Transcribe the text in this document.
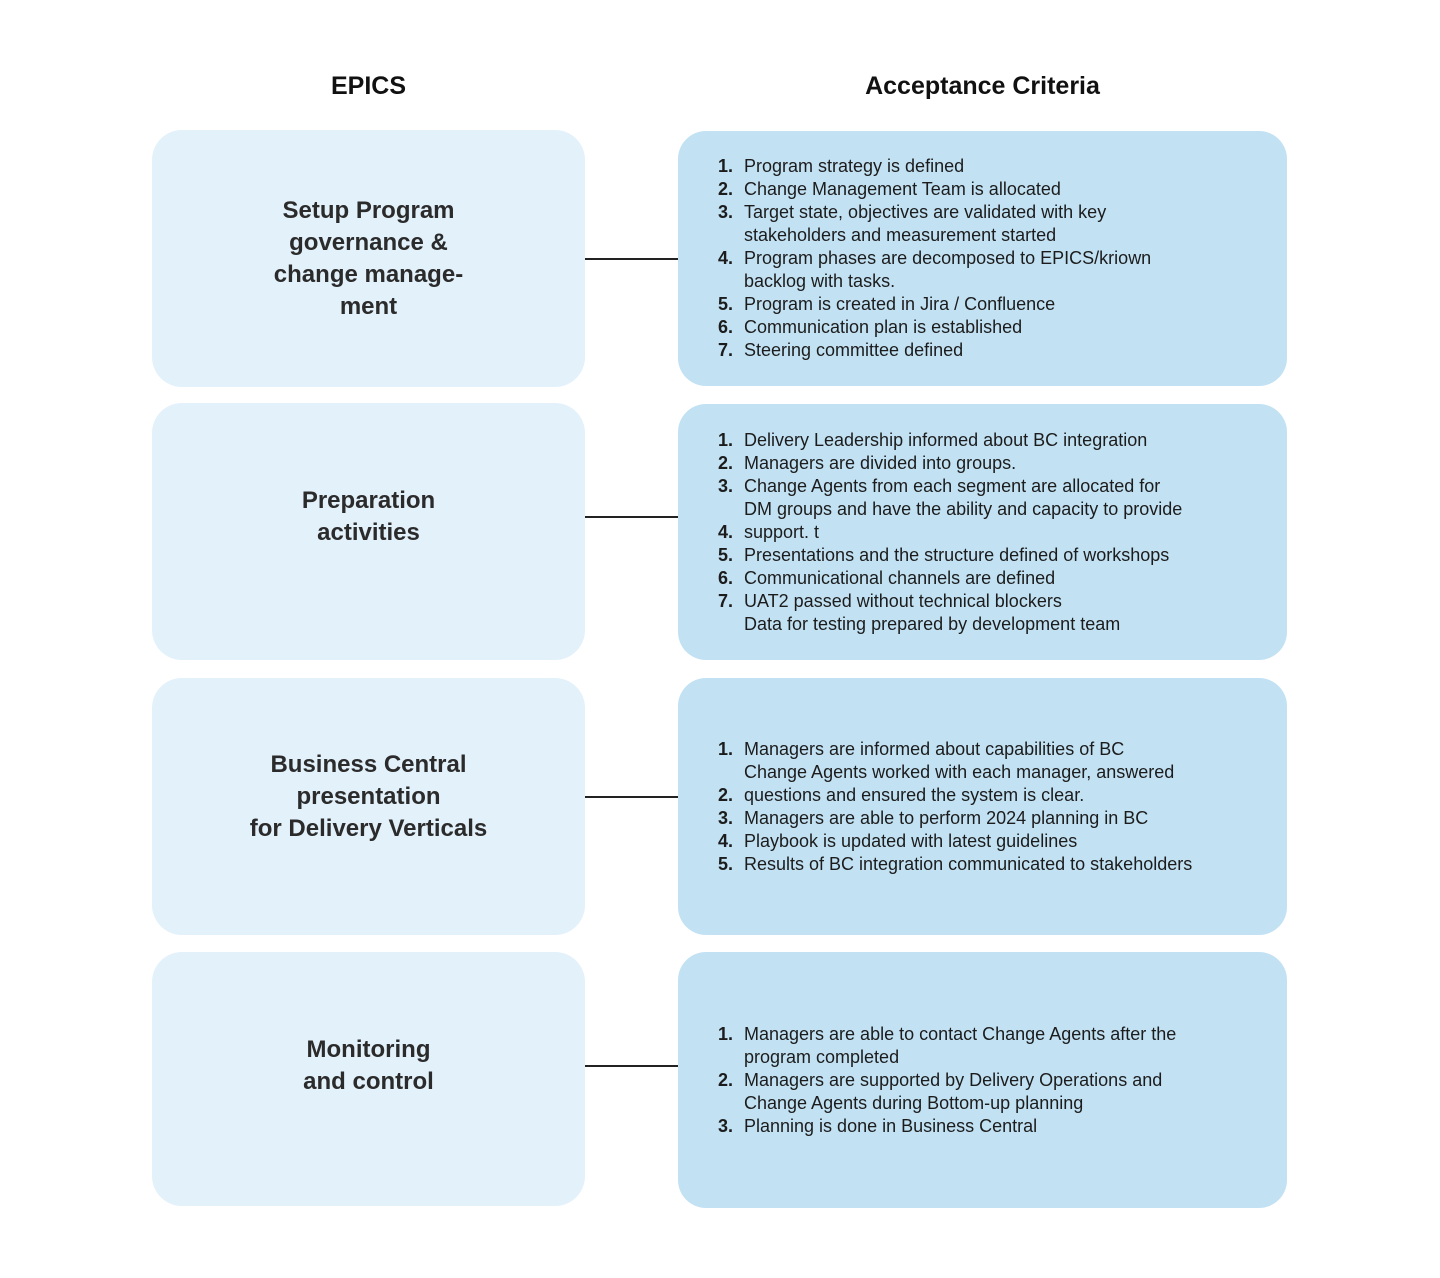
EPICS	Acceptance Criteria
Setup Program
governance &
change manage-
ment
1. Program strategy is defined
2. Change Management Team is allocated
3. Target state, objectives are validated with key
stakeholders and measurement started
4. Program phases are decomposed to EPICS/kriown
backlog with tasks.
5. Program is created in Jira / Confluence
6. Communication plan is established
7. Steering committee defined
Preparation
activities
1. Delivery Leadership informed about BC integration
2. Managers are divided into groups.
3. Change Agents from each segment are allocated for
DM groups and have the ability and capacity to provide
4. support. t
5. Presentations and the structure defined of workshops
6. Communicational channels are defined
7. UAT2 passed without technical blockers
Data for testing prepared by development team
Business Central
presentation
for Delivery Verticals
1. Managers are informed about capabilities of BC
Change Agents worked with each manager, answered
2. questions and ensured the system is clear.
3. Managers are able to perform 2024 planning in BC
4. Playbook is updated with latest guidelines
5. Results of BC integration communicated to stakeholders
Monitoring
and control
1. Managers are able to contact Change Agents after the
program completed
2. Managers are supported by Delivery Operations and
Change Agents during Bottom-up planning
3. Planning is done in Business Central
